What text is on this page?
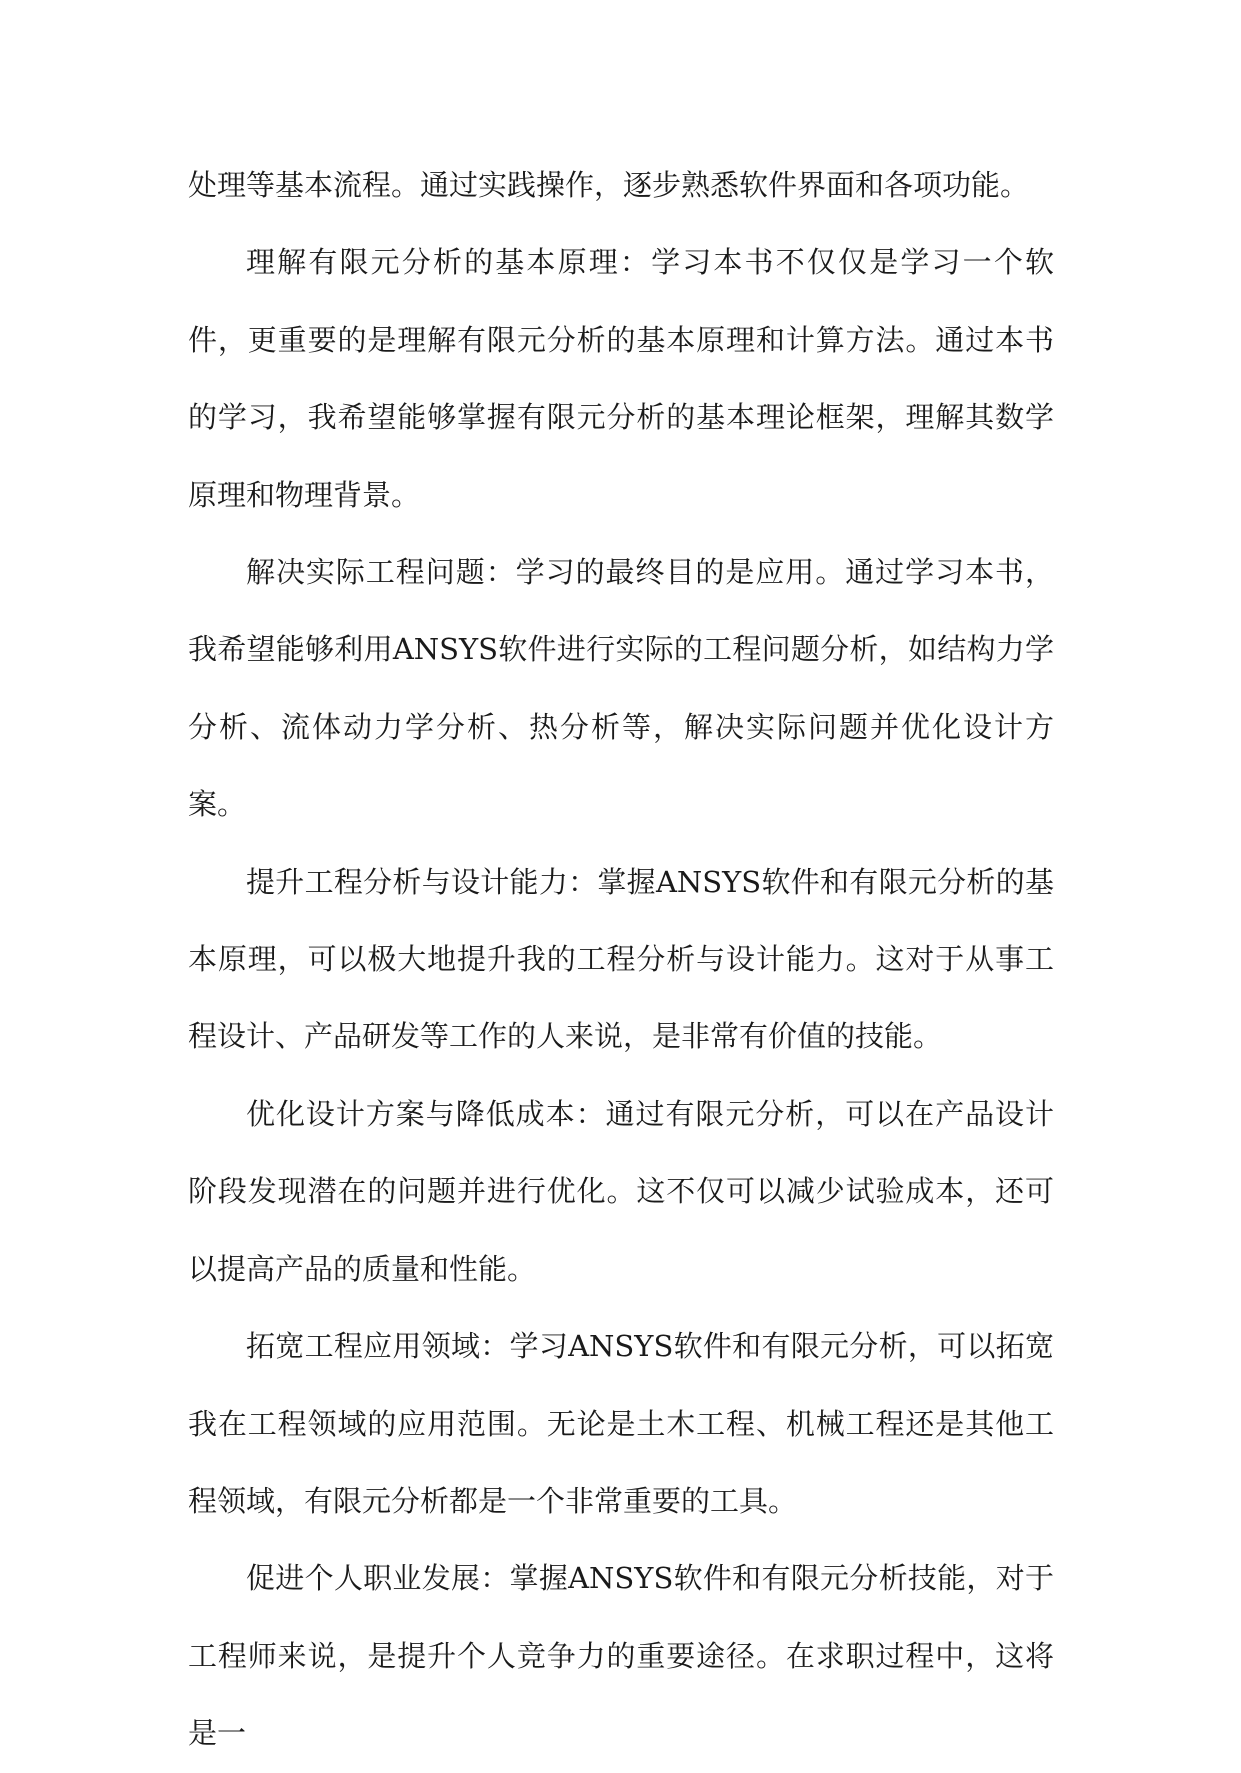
处理等基本流程。通过实践操作，逐步熟悉软件界面和各项功能。

理解有限元分析的基本原理：学习本书不仅仅是学习一个软件，更重要的是理解有限元分析的基本原理和计算方法。通过本书的学习，我希望能够掌握有限元分析的基本理论框架，理解其数学原理和物理背景。

解决实际工程问题：学习的最终目的是应用。通过学习本书，我希望能够利用ANSYS软件进行实际的工程问题分析，如结构力学分析、流体动力学分析、热分析等，解决实际问题并优化设计方案。

提升工程分析与设计能力：掌握ANSYS软件和有限元分析的基本原理，可以极大地提升我的工程分析与设计能力。这对于从事工程设计、产品研发等工作的人来说，是非常有价值的技能。

优化设计方案与降低成本：通过有限元分析，可以在产品设计阶段发现潜在的问题并进行优化。这不仅可以减少试验成本，还可以提高产品的质量和性能。

拓宽工程应用领域：学习ANSYS软件和有限元分析，可以拓宽我在工程领域的应用范围。无论是土木工程、机械工程还是其他工程领域，有限元分析都是一个非常重要的工具。

促进个人职业发展：掌握ANSYS软件和有限元分析技能，对于工程师来说，是提升个人竞争力的重要途径。在求职过程中，这将是一
